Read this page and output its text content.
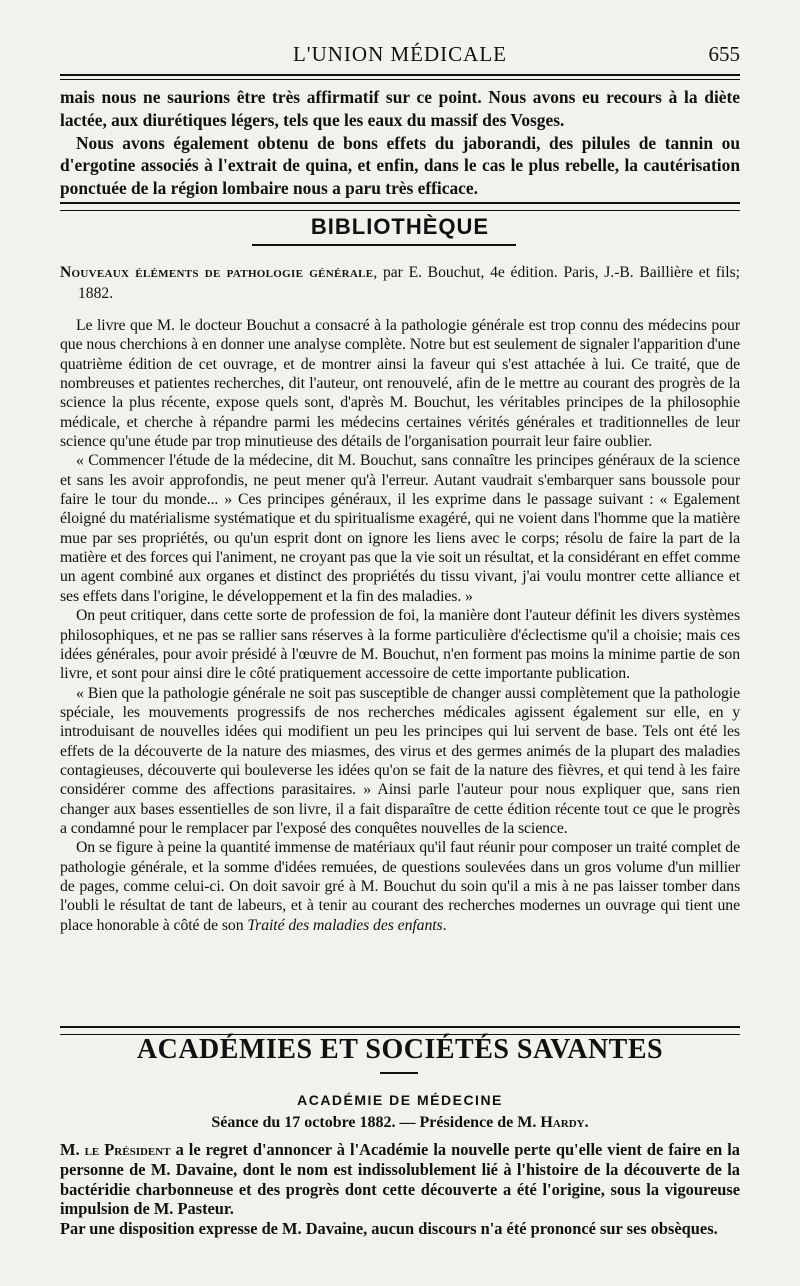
L'UNION MÉDICALE	655

mais nous ne saurions être très affirmatif sur ce point. Nous avons eu recours à la diète lactée, aux diurétiques légers, tels que les eaux du massif des Vosges.

Nous avons également obtenu de bons effets du jaborandi, des pilules de tannin ou d'ergotine associés à l'extrait de quina, et enfin, dans le cas le plus rebelle, la cautérisation ponctuée de la région lombaire nous a paru très efficace.

BIBLIOTHÈQUE
Nouveaux éléments de pathologie générale, par E. Bouchut, 4e édition. Paris, J.-B. Baillière et fils; 1882.

Le livre que M. le docteur Bouchut a consacré à la pathologie générale est trop connu des médecins pour que nous cherchions à en donner une analyse complète. Notre but est seulement de signaler l'apparition d'une quatrième édition de cet ouvrage, et de montrer ainsi la faveur qui s'est attachée à lui. Ce traité, que de nombreuses et patientes recherches, dit l'auteur, ont renouvelé, afin de le mettre au courant des progrès de la science la plus récente, expose quels sont, d'après M. Bouchut, les véritables principes de la philosophie médicale, et cherche à répandre parmi les médecins certaines vérités générales et traditionnelles de leur science qu'une étude par trop minutieuse des détails de l'organisation pourrait leur faire oublier.

« Commencer l'étude de la médecine, dit M. Bouchut, sans connaître les principes généraux de la science et sans les avoir approfondis, ne peut mener qu'à l'erreur. Autant vaudrait s'embarquer sans boussole pour faire le tour du monde... » Ces principes généraux, il les exprime dans le passage suivant : « Egalement éloigné du matérialisme systématique et du spiritualisme exagéré, qui ne voient dans l'homme que la matière mue par ses propriétés, ou qu'un esprit dont on ignore les liens avec le corps; résolu de faire la part de la matière et des forces qui l'animent, ne croyant pas que la vie soit un résultat, et la considérant en effet comme un agent combiné aux organes et distinct des propriétés du tissu vivant, j'ai voulu montrer cette alliance et ses effets dans l'origine, le développement et la fin des maladies. »

On peut critiquer, dans cette sorte de profession de foi, la manière dont l'auteur définit les divers systèmes philosophiques, et ne pas se rallier sans réserves à la forme particulière d'éclectisme qu'il a choisie; mais ces idées générales, pour avoir présidé à l'œuvre de M. Bouchut, n'en forment pas moins la minime partie de son livre, et sont pour ainsi dire le côté pratiquement accessoire de cette importante publication.

« Bien que la pathologie générale ne soit pas susceptible de changer aussi complètement que la pathologie spéciale, les mouvements progressifs de nos recherches médicales agissent également sur elle, en y introduisant de nouvelles idées qui modifient un peu les principes qui lui servent de base. Tels ont été les effets de la découverte de la nature des miasmes, des virus et des germes animés de la plupart des maladies contagieuses, découverte qui bouleverse les idées qu'on se fait de la nature des fièvres, et qui tend à les faire considérer comme des affections parasitaires. » Ainsi parle l'auteur pour nous expliquer que, sans rien changer aux bases essentielles de son livre, il a fait disparaître de cette édition récente tout ce que le progrès a condamné pour le remplacer par l'exposé des conquêtes nouvelles de la science.

On se figure à peine la quantité immense de matériaux qu'il faut réunir pour composer un traité complet de pathologie générale, et la somme d'idées remuées, de questions soulevées dans un gros volume d'un millier de pages, comme celui-ci. On doit savoir gré à M. Bouchut du soin qu'il a mis à ne pas laisser tomber dans l'oubli le résultat de tant de labeurs, et à tenir au courant des recherches modernes un ouvrage qui tient une place honorable à côté de son Traité des maladies des enfants.

ACADÉMIES ET SOCIÉTÉS SAVANTES
ACADÉMIE DE MÉDECINE
Séance du 17 octobre 1882. — Présidence de M. Hardy.

M. le Président a le regret d'annoncer à l'Académie la nouvelle perte qu'elle vient de faire en la personne de M. Davaine, dont le nom est indissolublement lié à l'histoire de la découverte de la bactéridie charbonneuse et des progrès dont cette découverte a été l'origine, sous la vigoureuse impulsion de M. Pasteur.

Par une disposition expresse de M. Davaine, aucun discours n'a été prononcé sur ses obsèques.
